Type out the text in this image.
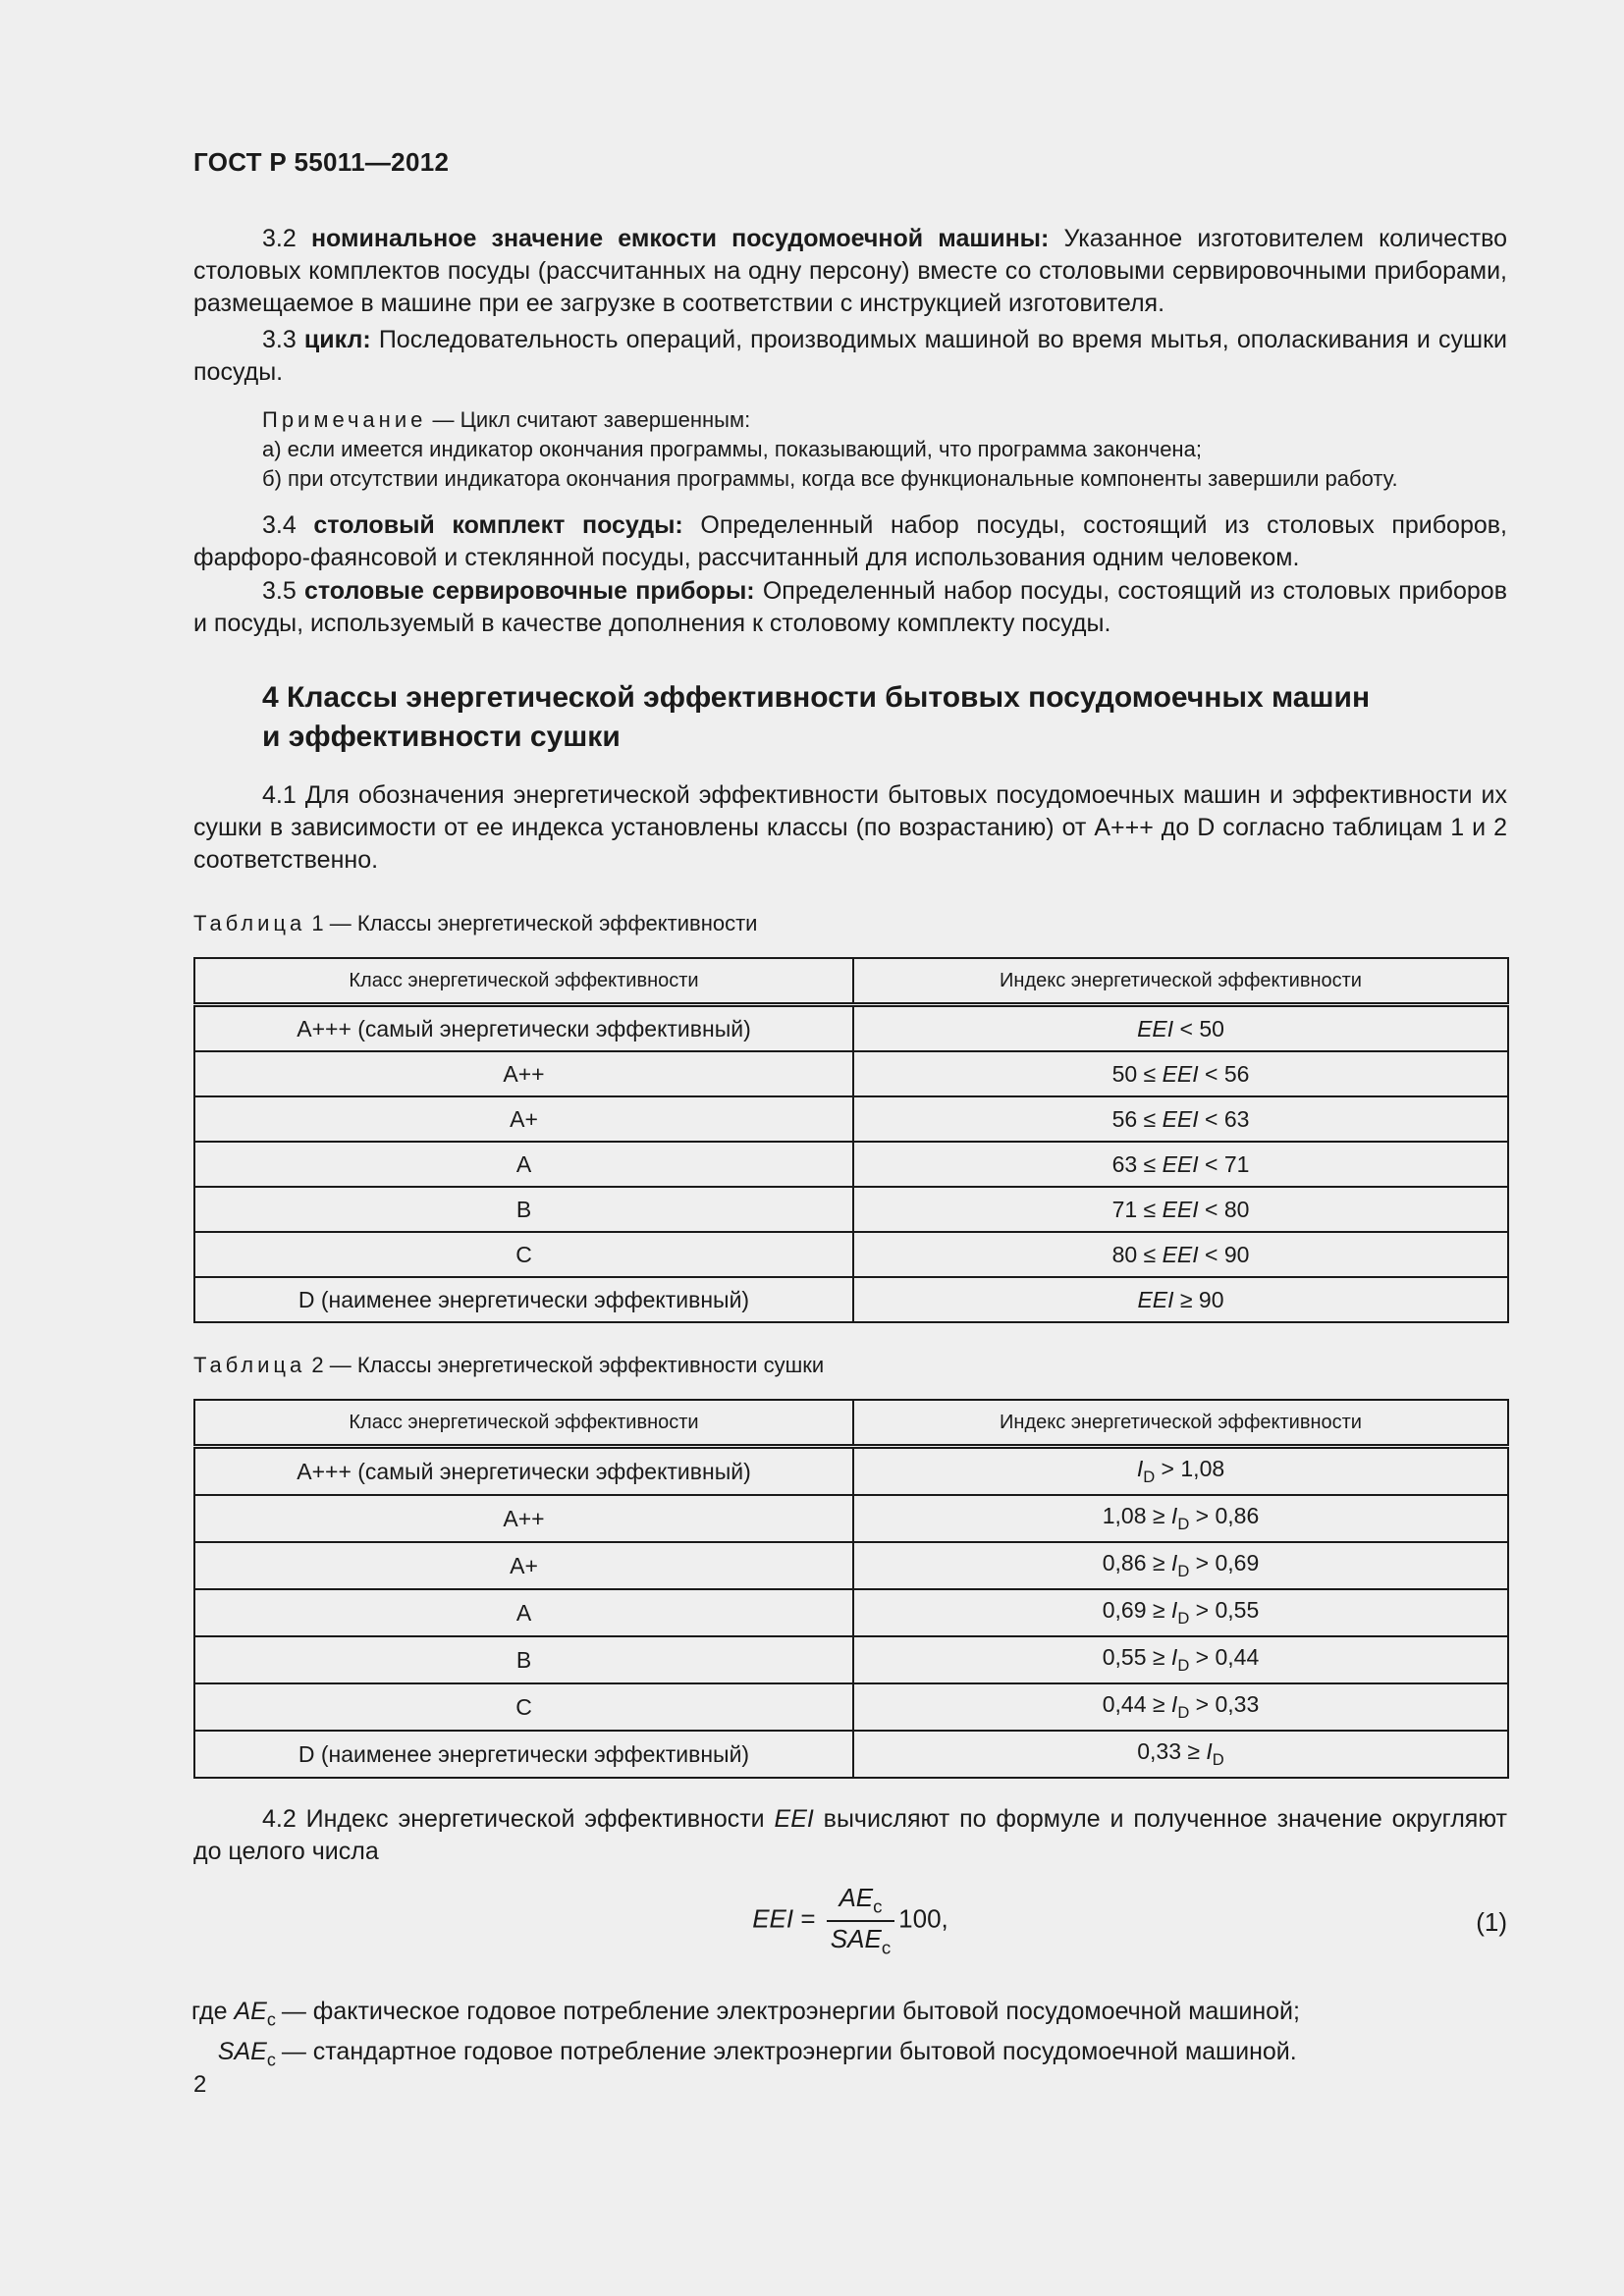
ГОСТ Р 55011—2012
3.2 номинальное значение емкости посудомоечной машины: Указанное изготовителем количество столовых комплектов посуды (рассчитанных на одну персону) вместе со столовыми сервировочными приборами, размещаемое в машине при ее загрузке в соответствии с инструкцией изготовителя.
3.3 цикл: Последовательность операций, производимых машиной во время мытья, ополаскивания и сушки посуды.
Примечание — Цикл считают завершенным:
а) если имеется индикатор окончания программы, показывающий, что программа закончена;
б) при отсутствии индикатора окончания программы, когда все функциональные компоненты завершили работу.
3.4 столовый комплект посуды: Определенный набор посуды, состоящий из столовых приборов, фарфоро-фаянсовой и стеклянной посуды, рассчитанный для использования одним человеком.
3.5 столовые сервировочные приборы: Определенный набор посуды, состоящий из столовых приборов и посуды, используемый в качестве дополнения к столовому комплекту посуды.
4 Классы энергетической эффективности бытовых посудомоечных машин
и эффективности сушки
4.1 Для обозначения энергетической эффективности бытовых посудомоечных машин и эффективности их сушки в зависимости от ее индекса установлены классы (по возрастанию) от А+++ до D согласно таблицам 1 и 2 соответственно.
Таблица 1 — Классы энергетической эффективности
Класс энергетической эффективности	Индекс энергетической эффективности
A+++ (самый энергетически эффективный)	EEI < 50
A++	50 ≤ EEI < 56
A+	56 ≤ EEI < 63
A	63 ≤ EEI < 71
B	71 ≤ EEI < 80
C	80 ≤ EEI < 90
D (наименее энергетически эффективный)	EEI ≥ 90
Таблица 2 — Классы энергетической эффективности сушки
Класс энергетической эффективности	Индекс энергетической эффективности
A+++ (самый энергетически эффективный)	$I_D > 1,08$
A++	$1,08 \ge I_D > 0,86$
A+	$0,86 \ge I_D > 0,69$
A	$0,69 \ge I_D > 0,55$
B	$0,55 \ge I_D > 0,44$
C	$0,44 \ge I_D > 0,33$
D (наименее энергетически эффективный)	$0,33 \ge I_D$
4.2 Индекс энергетической эффективности EEI вычисляют по формуле и полученное значение округляют до целого числа
EEI = $\frac{AE_c}{SAE_c} 100$,	(1)
где $AE_c$	— фактическое годовое потребление электроэнергии бытовой посудомоечной машиной;
$SAE_c$	— стандартное годовое потребление электроэнергии бытовой посудомоечной машиной.
2
